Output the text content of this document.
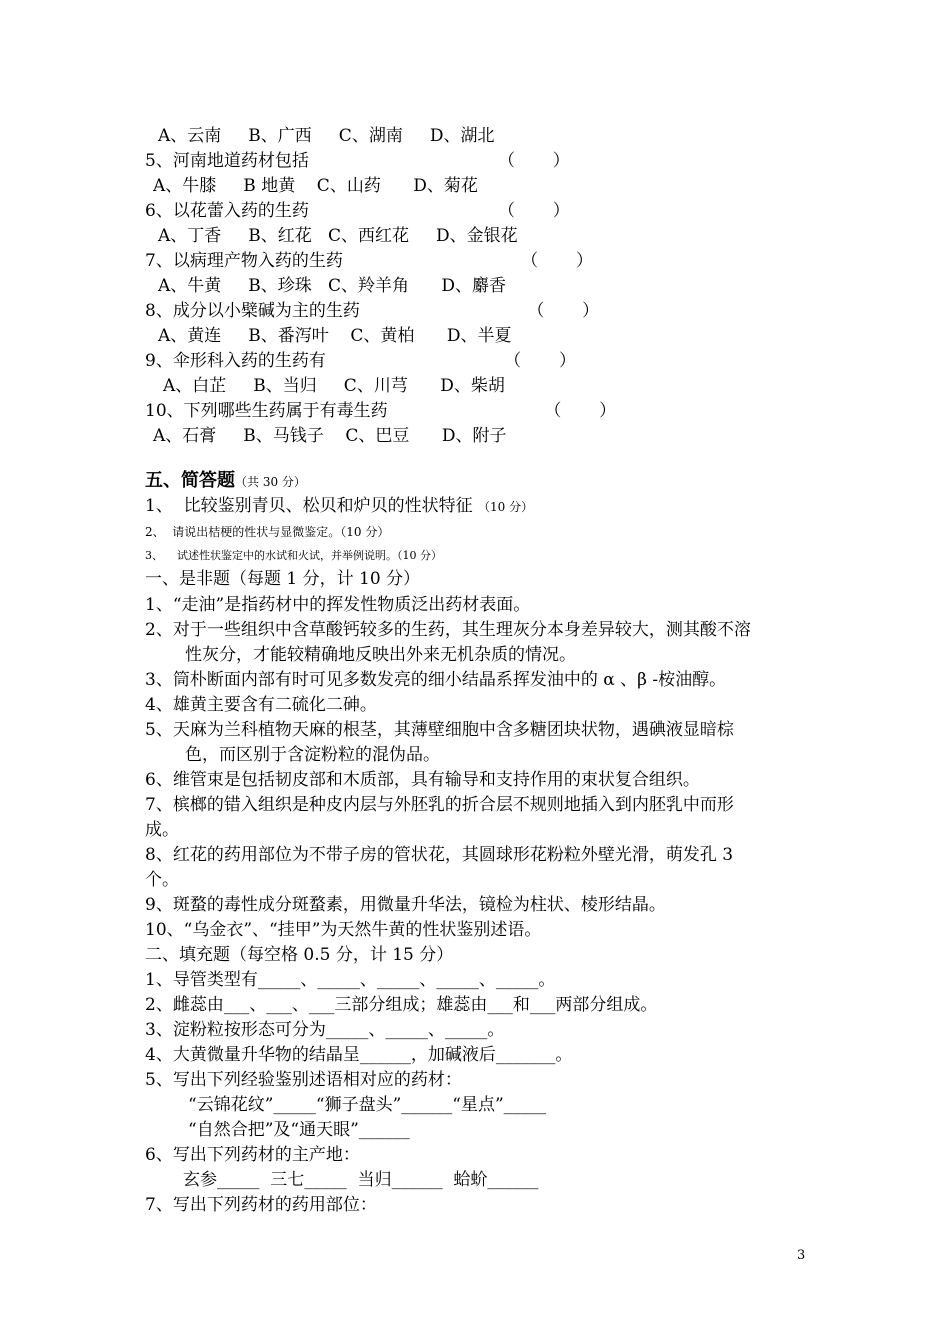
A、云南     B、广西     C、湖南     D、湖北
5、河南地道药材包括                                   （       ）
A、牛膝     B 地黄    C、山药      D、菊花
6、以花蕾入药的生药                                   （       ）
A、丁香     B、红花   C、西红花     D、金银花
7、以病理产物入药的生药                                 （       ）
A、牛黄     B、珍珠   C、羚羊角      D、麝香
8、成分以小檗碱为主的生药                               （       ）
A、黄连     B、番泻叶    C、黄柏      D、半夏
9、伞形科入药的生药有                                 （       ）
A、白芷     B、当归     C、川芎      D、柴胡
10、下列哪些生药属于有毒生药                             （       ）
A、石膏     B、马钱子    C、巴豆      D、附子
五、简答题（共 30 分）
1、  比较鉴别青贝、松贝和炉贝的性状特征 （10 分）
2、  请说出桔梗的性状与显微鉴定。（10 分）
3、    试述性状鉴定中的水试和火试，并举例说明。（10 分）
一、是非题（每题 1 分，计 10 分）
1、“走油”是指药材中的挥发性物质泛出药材表面。
2、对于一些组织中含草酸钙较多的生药，其生理灰分本身差异较大，测其酸不溶
性灰分，才能较精确地反映出外来无机杂质的情况。
3、筒朴断面内部有时可见多数发亮的细小结晶系挥发油中的 α 、β -桉油醇。
4、雄黄主要含有二硫化二砷。
5、天麻为兰科植物天麻的根茎，其薄壁细胞中含多糖团块状物，遇碘液显暗棕
色，而区别于含淀粉粒的混伪品。
6、维管束是包括韧皮部和木质部，具有输导和支持作用的束状复合组织。
7、槟榔的错入组织是种皮内层与外胚乳的折合层不规则地插入到内胚乳中而形
成。
8、红花的药用部位为不带子房的管状花，其圆球形花粉粒外壁光滑，萌发孔 3
个。
9、斑蝥的毒性成分斑蝥素，用微量升华法，镜检为柱状、棱形结晶。
10、“乌金衣”、“挂甲”为天然牛黄的性状鉴别述语。
二、填充题（每空格 0.5 分，计 15 分）
1、导管类型有_____、_____、_____、_____、_____。
2、雌蕊由___、___、___三部分组成；雄蕊由___和___两部分组成。
3、淀粉粒按形态可分为_____、_____、_____。
4、大黄微量升华物的结晶呈______，加碱液后_______。
5、写出下列经验鉴别述语相对应的药材：
“云锦花纹”_____“狮子盘头”______“星点”_____
“自然合把”及“通天眼”______
6、写出下列药材的主产地：
玄参_____  三七_____  当归______  蛤蚧______
7、写出下列药材的药用部位：
3
